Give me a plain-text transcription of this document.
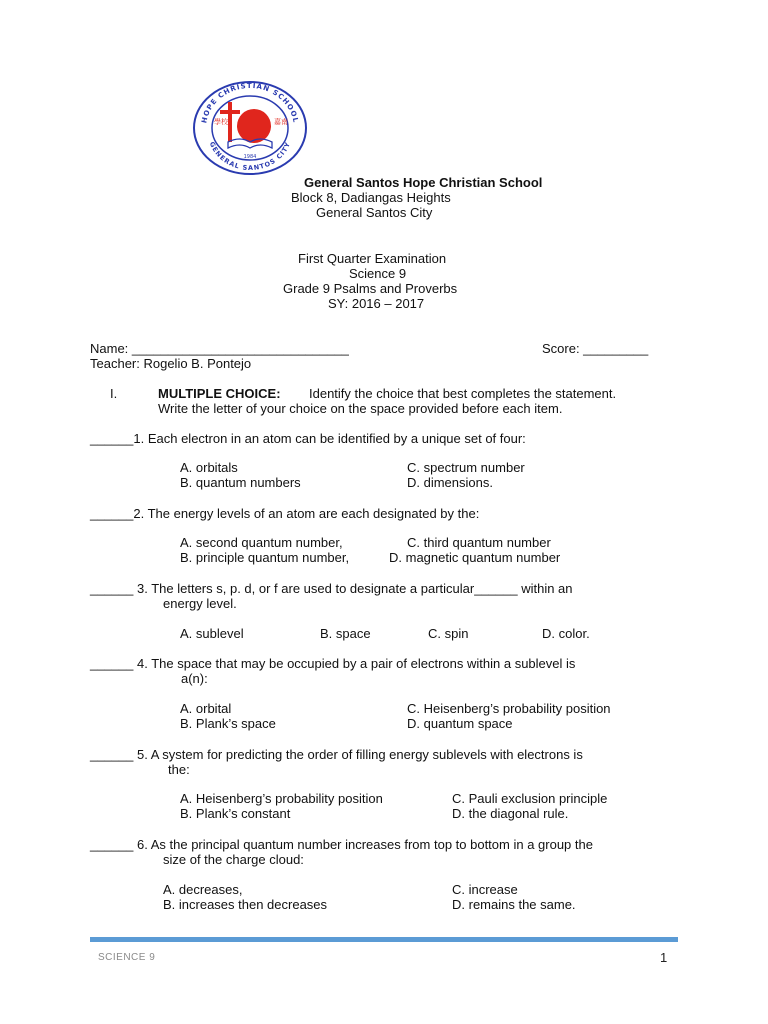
HOPE CHRISTIAN SCHOOL
GENERAL SANTOS CITY
學校	嘉南
1984
General Santos Hope Christian School
Block 8, Dadiangas Heights
General Santos City
First Quarter Examination
Science 9
Grade 9 Psalms and Proverbs
SY: 2016 – 2017
Name: ______________________________	Score: _________
Teacher: Rogelio B. Pontejo
I.	MULTIPLE CHOICE: Identify the choice that best completes the statement.
Write the letter of your choice on the space provided before each item.
______1. Each electron in an atom can be identified by a unique set of four:
A. orbitals	C. spectrum number
B. quantum numbers	D. dimensions.
______2. The energy levels of an atom are each designated by the:
A. second quantum number,	C. third quantum number
B. principle quantum number,	D. magnetic quantum number
______ 3. The letters s, p. d, or f are used to designate a particular______ within an
energy level.
A. sublevel	B. space	C. spin	D. color.
______ 4. The space that may be occupied by a pair of electrons within a sublevel is
a(n):
A. orbital	C. Heisenberg’s probability position
B. Plank’s space	D. quantum space
______ 5. A system for predicting the order of filling energy sublevels with electrons is
the:
A. Heisenberg’s probability position	C. Pauli exclusion principle
B. Plank’s constant	D. the diagonal rule.
______ 6. As the principal quantum number increases from top to bottom in a group the
size of the charge cloud:
A. decreases,	C. increase
B. increases then decreases	D. remains the same.
SCIENCE 9	1
